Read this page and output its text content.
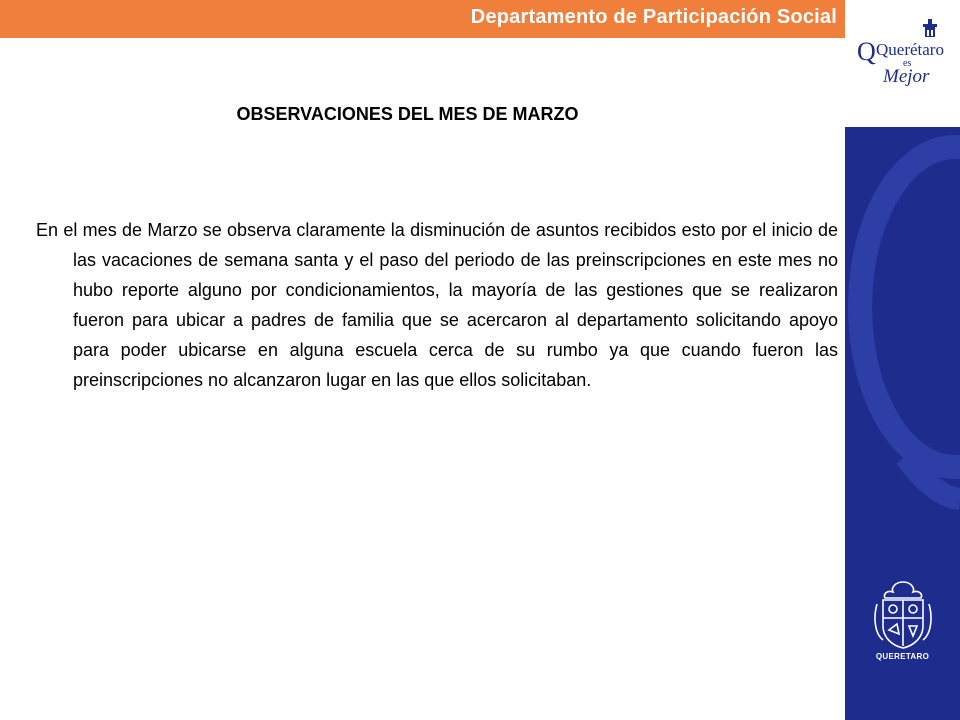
Departamento de Participación Social
Q Querétaro
es
Mejor
QUERETARO
OBSERVACIONES DEL MES DE MARZO

En el mes de Marzo se observa claramente la disminución de asuntos recibidos esto por el inicio de las vacaciones de semana santa y el paso del periodo de las preinscripciones en este mes no hubo reporte alguno por condicionamientos, la mayoría de las gestiones que se realizaron fueron para ubicar a padres de familia que se acercaron al departamento solicitando apoyo para poder ubicarse en alguna escuela cerca de su rumbo ya que cuando fueron las preinscripciones no alcanzaron lugar en las que ellos solicitaban.
